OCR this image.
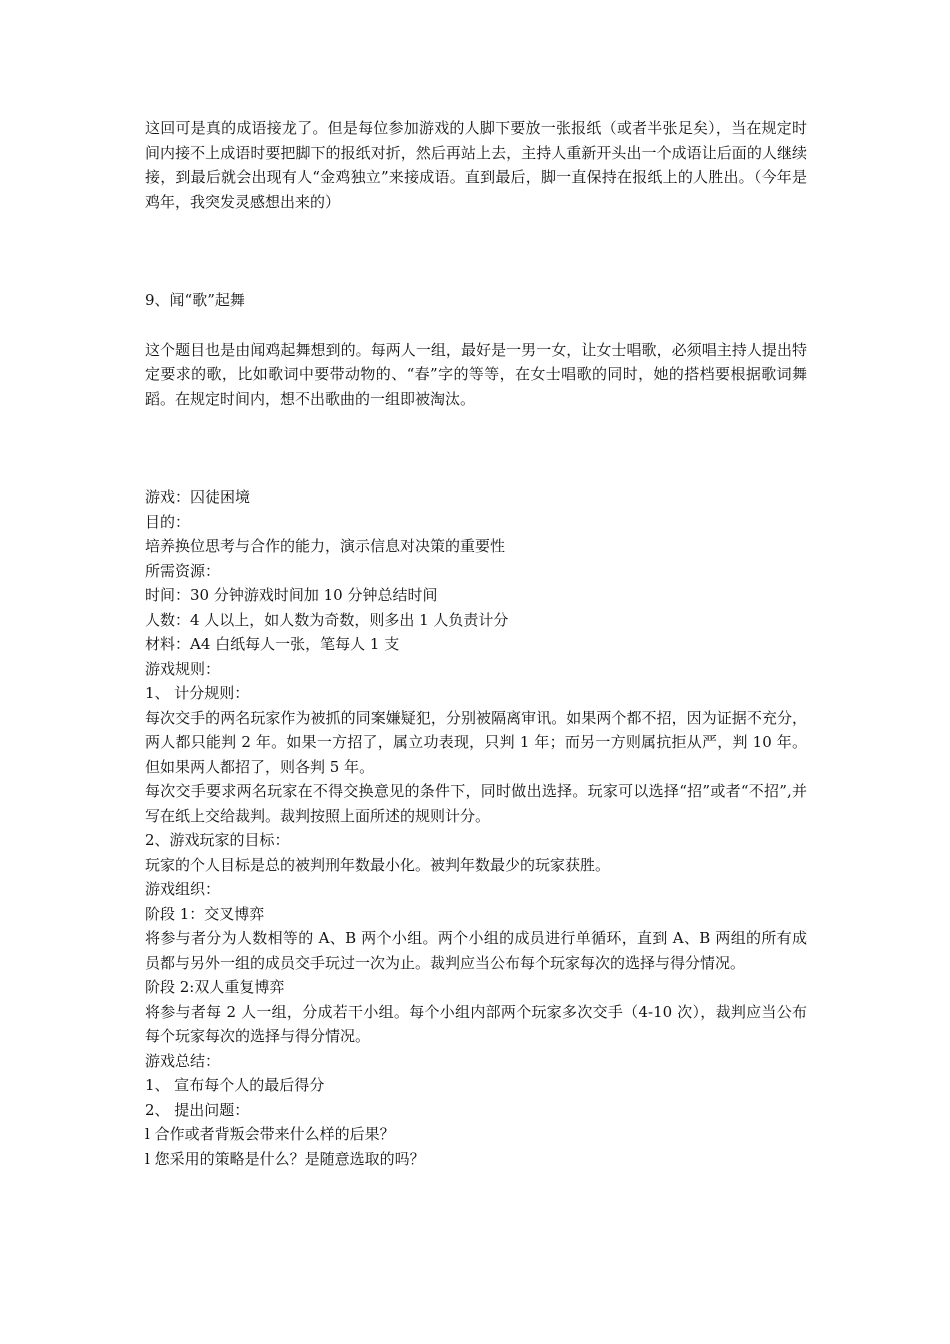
这回可是真的成语接龙了。但是每位参加游戏的人脚下要放一张报纸（或者半张足矣），当在规定时间内接不上成语时要把脚下的报纸对折，然后再站上去，主持人重新开头出一个成语让后面的人继续接，到最后就会出现有人“金鸡独立”来接成语。直到最后，脚一直保持在报纸上的人胜出。（今年是鸡年，我突发灵感想出来的）

9、闻“歌”起舞

这个题目也是由闻鸡起舞想到的。每两人一组，最好是一男一女，让女士唱歌，必须唱主持人提出特定要求的歌，比如歌词中要带动物的、“春”字的等等，在女士唱歌的同时，她的搭档要根据歌词舞蹈。在规定时间内，想不出歌曲的一组即被淘汰。

游戏：囚徒困境

目的：

培养换位思考与合作的能力，演示信息对决策的重要性

所需资源：

时间：30 分钟游戏时间加 10 分钟总结时间

人数：4 人以上，如人数为奇数，则多出 1 人负责计分

材料：A4 白纸每人一张，笔每人 1 支

游戏规则：

1、 计分规则：

每次交手的两名玩家作为被抓的同案嫌疑犯，分别被隔离审讯。如果两个都不招，因为证据不充分，两人都只能判 2 年。如果一方招了，属立功表现，只判 1 年；而另一方则属抗拒从严，判 10 年。但如果两人都招了，则各判 5 年。

每次交手要求两名玩家在不得交换意见的条件下，同时做出选择。玩家可以选择“招”或者“不招”,并写在纸上交给裁判。裁判按照上面所述的规则计分。

2、游戏玩家的目标：

玩家的个人目标是总的被判刑年数最小化。被判年数最少的玩家获胜。

游戏组织：

阶段 1：交叉博弈

将参与者分为人数相等的 A、B 两个小组。两个小组的成员进行单循环，直到 A、B 两组的所有成员都与另外一组的成员交手玩过一次为止。裁判应当公布每个玩家每次的选择与得分情况。

阶段 2:双人重复博弈

将参与者每 2 人一组，分成若干小组。每个小组内部两个玩家多次交手（4-10 次），裁判应当公布每个玩家每次的选择与得分情况。

游戏总结：

1、 宣布每个人的最后得分

2、 提出问题：

l 合作或者背叛会带来什么样的后果？

l 您采用的策略是什么？是随意选取的吗？
